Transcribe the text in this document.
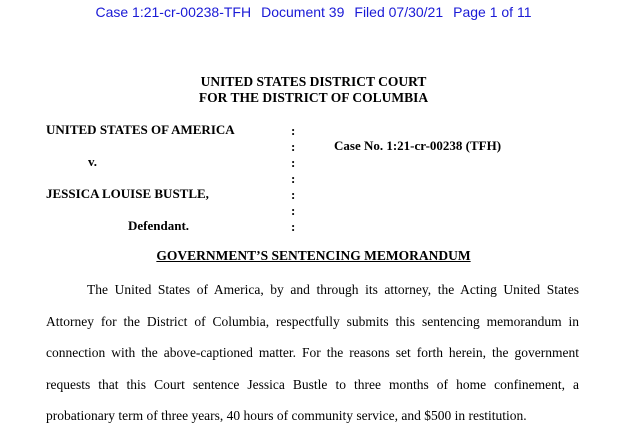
Case 1:21-cr-00238-TFH Document 39 Filed 07/30/21 Page 1 of 11
UNITED STATES DISTRICT COURT
FOR THE DISTRICT OF COLUMBIA
UNITED STATES OF AMERICA
v.
JESSICA LOUISE BUSTLE,
Defendant.
:
:
:
:
:
:
:
Case No. 1:21-cr-00238 (TFH)
GOVERNMENT’S SENTENCING MEMORANDUM

The United States of America, by and through its attorney, the Acting United States Attorney for the District of Columbia, respectfully submits this sentencing memorandum in connection with the above-captioned matter. For the reasons set forth herein, the government requests that this Court sentence Jessica Bustle to three months of home confinement, a probationary term of three years, 40 hours of community service, and $500 in restitution.
